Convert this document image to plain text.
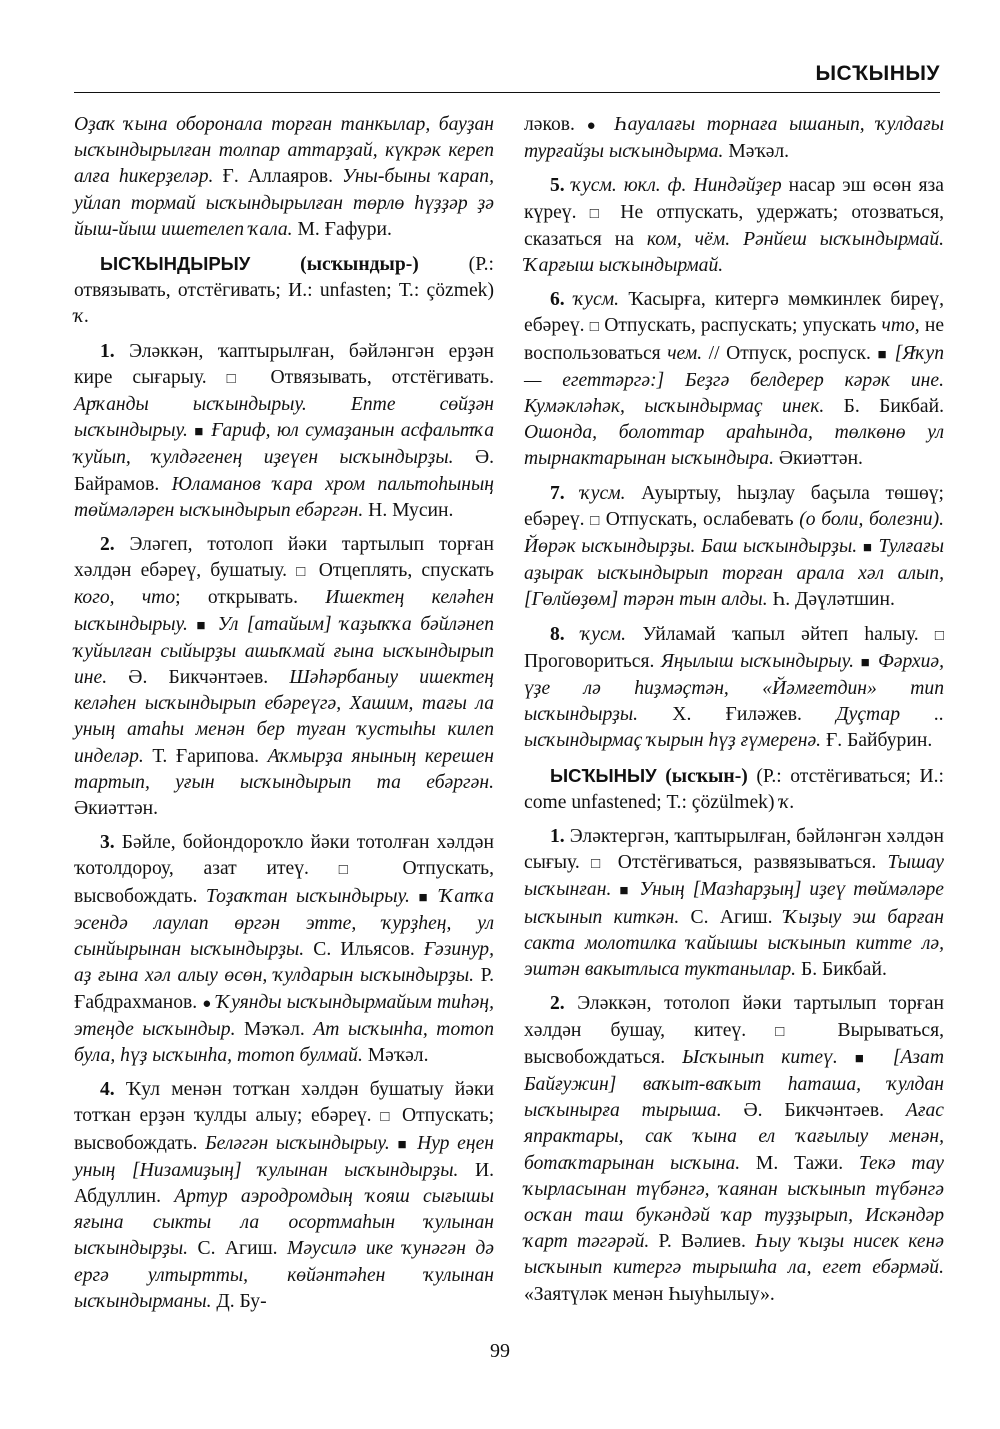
ЫСҠЫНЫУ

Оҙаҡ ҡына оборонала торған танкылар, бауҙан ысҡындырылған толпар аттарҙай, күкрәк кереп алға һикерҙеләр. Ғ. Аллаяров. Уны-быны ҡарап, уйлап тормай ысҡындырылған төрлө һүҙҙәр ҙә йыш-йыш ишетелеп ҡала. М. Ғафури.

ЫСҠЫНДЫРЫУ	(ысҡындыр-) (Р.: отвязывать, отстёгивать; И.: unfasten; Т.: çözmek) ҡ.

1. Эләккән, ҡаптырылған, бәйләнгән ерҙән кире сығарыу. □ Отвязывать, отстёгивать. Арҡанды ысҡындырыу. Ептe сөйҙән ысҡындырыу. ■ Ғариф, юл сумаҙанын асфальтҡа ҡуйып, ҡулдәгенең иҙеүен ысҡындырҙы. Ә. Байрамов. Юламанов ҡара хром пальтоһының төймәләрен ысҡындырып ебәргән. Н. Мусин.

2. Эләгеп, тотолоп йәки тартылып торған хәлдән ебәреү, бушатыу. □ Отцеплять, спускать кого, что; открывать. Ишектең келәһен ысҡындырыу. ■ Ул [атайым] ҡаҙыҡҡа бәйләнеп ҡуйылған сыйырҙы ашыҡмай ғына ысҡындырып инe. Ә. Бикчәнтәев. Шәһәрбаныу ишектең келәһен ысҡындырып ебәреүгә, Хашим, тағы ла уның атаһы менән бер туған ҡустыһы килеп инделәр. Т. Ғарипова. Аҡмырҙа янының керешен тартып, уғын ысҡындырып та ебәргән. Әкиәттән.

3. Бәйле, бойондороҡло йәки тотолған хәлдән ҡотолдороу, азат итеү. □ Отпускать, высвобождать. Тоҙаҡтан ысҡындырыу. ■ Ҡапҡа эсендә лаулап өргән этте, ҡурҙһең, ул сынйырынан ысҡындырҙы. С. Ильясов. Ғәзинур, аҙ ғына хәл алыу өсөн, ҡулдарын ысҡындырҙы. Р. Ғабдрахманов. ● Ҡуянды ысҡындырмайым тиһәң, этеңде ысҡындыр. Мәҡәл. Ат ысҡынһа, тотоп була, һүҙ ысҡынһа, тотоп булмай. Мәҡәл.

4. Ҡул менән тотҡан хәлдән бушатыу йәки тотҡан ерҙән ҡулды алыу; ебәреү. □ Отпускать; высвобождать. Беләгән ысҡындырыу. ■ Нур еңен уның [Низамиҙың] ҡулынан ысҡындырҙы. И. Абдуллин. Артур аэродромдың ҡояш сығышы яғына сыкты ла осортмаһын ҡулынан ысҡындырҙы. С. Агиш. Мәусилә ике ҡунәгән дә ергә ултыртты, көйәнтәһен ҡулынан ысҡындырманы. Д. Бу-

ләков. ● Һауалағы торнаға ышанып, ҡулдағы турғайҙы ысҡындырма. Мәҡәл.

5. ҡусм. юкл. ф. Ниндәйҙер насар эш өсөн яза күреү. □ Не отпускать, удержать; отозваться, сказаться на ком, чём. Рәнйеш ысҡындырмай. Ҡарғыш ысҡындырмай.

6. ҡусм. Ҡасырға, китергә мөмкинлек биреү, ебәреү. □ Отпускать, распускать; упускать что, не воспользоваться чем. // Отпуск, роспуск. ■ [Яҡуп — егеттәргә:] Беҙгә белдерер кәрәк ине. Кумәкләһәк, ысҡындырмаç инек. Б. Бикбай. Ошонда, болоттар араһында, төлкөнө ул тырнактарынан ысҡындыра. Әкиәттән.

7. ҡусм. Ауыртыу, һыҙлау баçыла төшөү; ебәреү. □ Отпускать, ослабевать (о боли, болезни). Йөрәк ысҡындырҙы. Баш ысҡындырҙы. ■ Тулғағы аҙырак ысҡындырып торған арала хәл алып, [Гөлйөҙөм] тәрән тын алды. Һ. Дәүләтшин.

8. ҡусм. Уйламай ҡапыл әйтеп һалыу. □ Проговориться. Яңылыш ысҡындырыу. ■ Фәрхиә, үҙе лә һиҙмәҫтән, «Йәмғетдин» тип ысҡындырҙы. Х. Ғиләжев. Дуçтар .. ысҡындырмаç ҡырын һүҙ ғүмеренә. Ғ. Байбурин.

ЫСҠЫНЫУ (ысҡын-) (Р.: отстёгиваться; И.: come unfastened; Т.: çözülmek) ҡ.

1. Эләктергән, ҡаптырылған, бәйләнгән хәлдән сығыу. □ Отстёгиваться, развязываться. Тышау ысҡынған. ■ Уның [Мазһарҙың] иҙеү төймәләре ысҡынып киткән. С. Агиш. Ҡыҙыу эш барған сакта молотилка ҡайышы ысҡынып китте лә, эштән вакытлыса туктанылар. Б. Бикбай.

2. Эләккән, тотолоп йәки тартылып торған хәлдән бушау, китеү. □ Вырываться, высвобождаться. Ысҡынып китеү. ■ [Азат Байғужин] ваҡыт-ваҡыт һаташа, ҡулдан ысҡынырға тырыша. Ә. Бикчәнтәев. Ағас япрактары, сак ҡына ел ҡағылыу менән, ботаҡтарынан ысҡына. М. Тажи. Текә тау ҡырласынан түбәнгә, ҡаянан ысҡынып түбәнгә осҡан таш букәндәй ҡар туҙҙырып, Искәндәр ҡарт тәгәрәй. Р. Вәлиев. Һыу ҡыҙы нисек кенә ысҡынып китергә тырышһа ла, егет ебәрмәй. «Заятүләк менән Һыуһылыу».

99
